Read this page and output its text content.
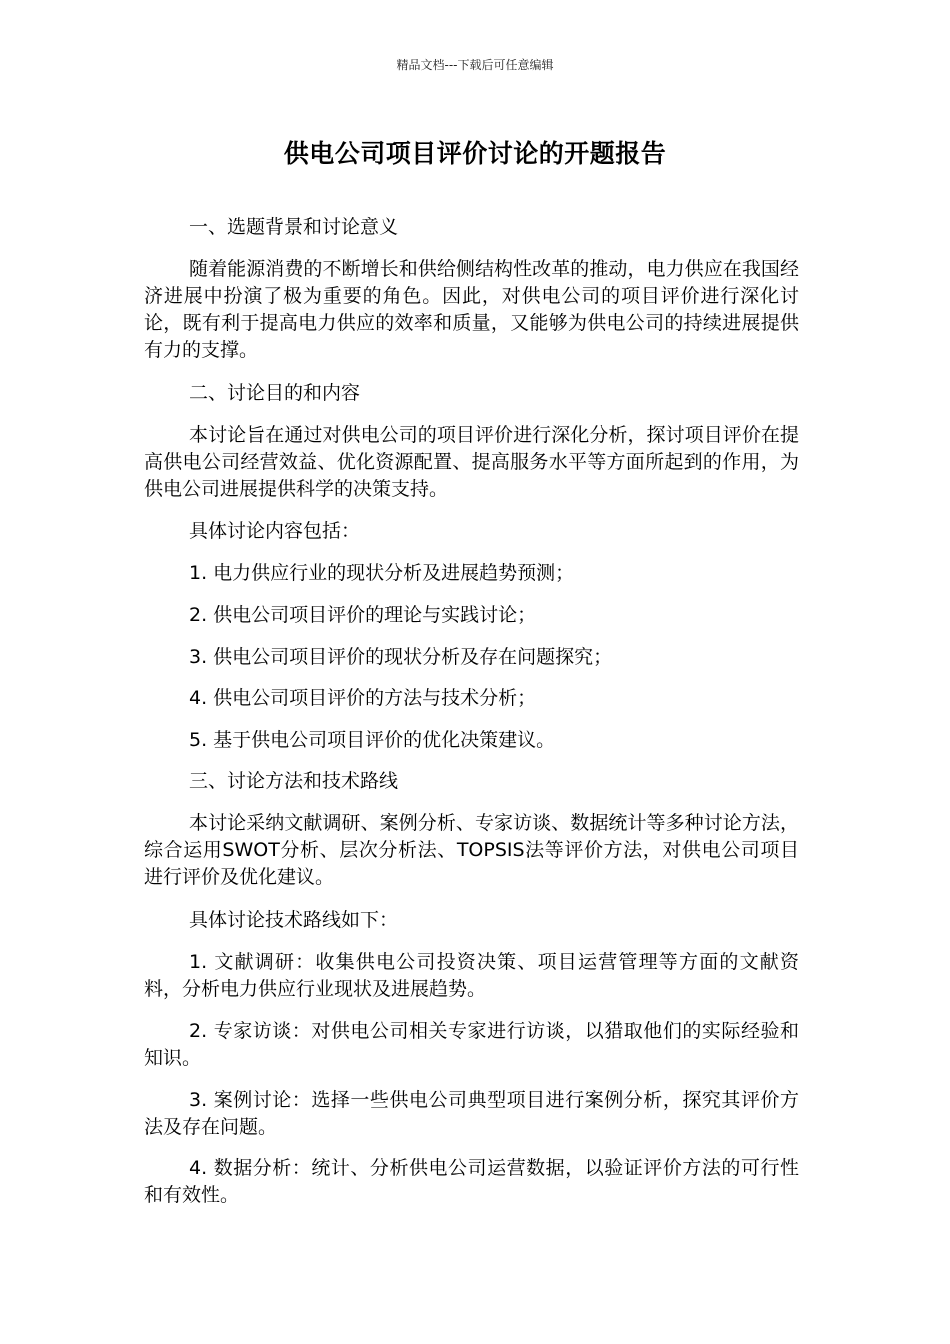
精品文档---下载后可任意编辑
供电公司项目评价讨论的开题报告
一、选题背景和讨论意义
随着能源消费的不断增长和供给侧结构性改革的推动，电力供应在我国经济进展中扮演了极为重要的角色。因此，对供电公司的项目评价进行深化讨论，既有利于提高电力供应的效率和质量，又能够为供电公司的持续进展提供有力的支撑。
二、讨论目的和内容
本讨论旨在通过对供电公司的项目评价进行深化分析，探讨项目评价在提高供电公司经营效益、优化资源配置、提高服务水平等方面所起到的作用，为供电公司进展提供科学的决策支持。
具体讨论内容包括：
1. 电力供应行业的现状分析及进展趋势预测；
2. 供电公司项目评价的理论与实践讨论；
3. 供电公司项目评价的现状分析及存在问题探究；
4. 供电公司项目评价的方法与技术分析；
5. 基于供电公司项目评价的优化决策建议。
三、讨论方法和技术路线
本讨论采纳文献调研、案例分析、专家访谈、数据统计等多种讨论方法，综合运用SWOT分析、层次分析法、TOPSIS法等评价方法，对供电公司项目进行评价及优化建议。
具体讨论技术路线如下：
1. 文献调研：收集供电公司投资决策、项目运营管理等方面的文献资料，分析电力供应行业现状及进展趋势。
2. 专家访谈：对供电公司相关专家进行访谈，以猎取他们的实际经验和知识。
3. 案例讨论：选择一些供电公司典型项目进行案例分析，探究其评价方法及存在问题。
4. 数据分析：统计、分析供电公司运营数据，以验证评价方法的可行性和有效性。
